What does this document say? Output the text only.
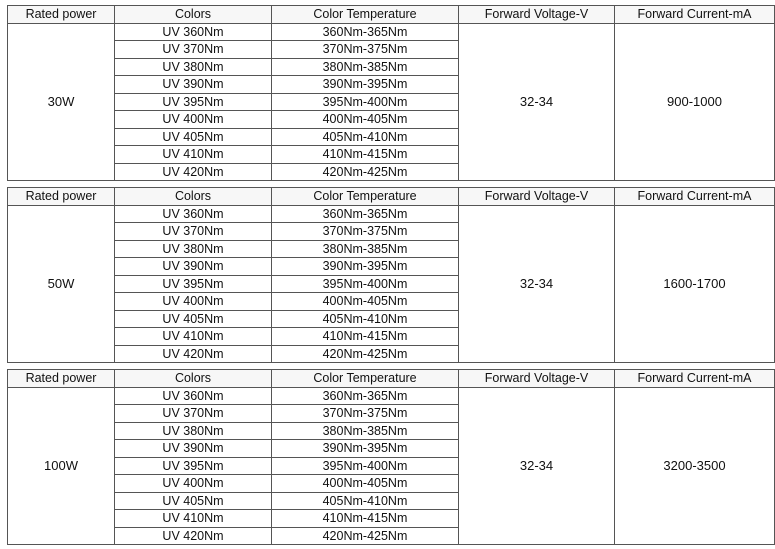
Rated power	Colors	Color Temperature	Forward Voltage-V	Forward Current-mA
30W	UV 360Nm	360Nm-365Nm	32-34	900-1000
	UV 370Nm	370Nm-375Nm		
	UV 380Nm	380Nm-385Nm		
	UV 390Nm	390Nm-395Nm		
	UV 395Nm	395Nm-400Nm		
	UV 400Nm	400Nm-405Nm		
	UV 405Nm	405Nm-410Nm		
	UV 410Nm	410Nm-415Nm		
	UV 420Nm	420Nm-425Nm		
Rated power	Colors	Color Temperature	Forward Voltage-V	Forward Current-mA
50W	UV 360Nm	360Nm-365Nm	32-34	1600-1700
	UV 370Nm	370Nm-375Nm		
	UV 380Nm	380Nm-385Nm		
	UV 390Nm	390Nm-395Nm		
	UV 395Nm	395Nm-400Nm		
	UV 400Nm	400Nm-405Nm		
	UV 405Nm	405Nm-410Nm		
	UV 410Nm	410Nm-415Nm		
	UV 420Nm	420Nm-425Nm		
Rated power	Colors	Color Temperature	Forward Voltage-V	Forward Current-mA
100W	UV 360Nm	360Nm-365Nm	32-34	3200-3500
	UV 370Nm	370Nm-375Nm		
	UV 380Nm	380Nm-385Nm		
	UV 390Nm	390Nm-395Nm		
	UV 395Nm	395Nm-400Nm		
	UV 400Nm	400Nm-405Nm		
	UV 405Nm	405Nm-410Nm		
	UV 410Nm	410Nm-415Nm		
	UV 420Nm	420Nm-425Nm		
